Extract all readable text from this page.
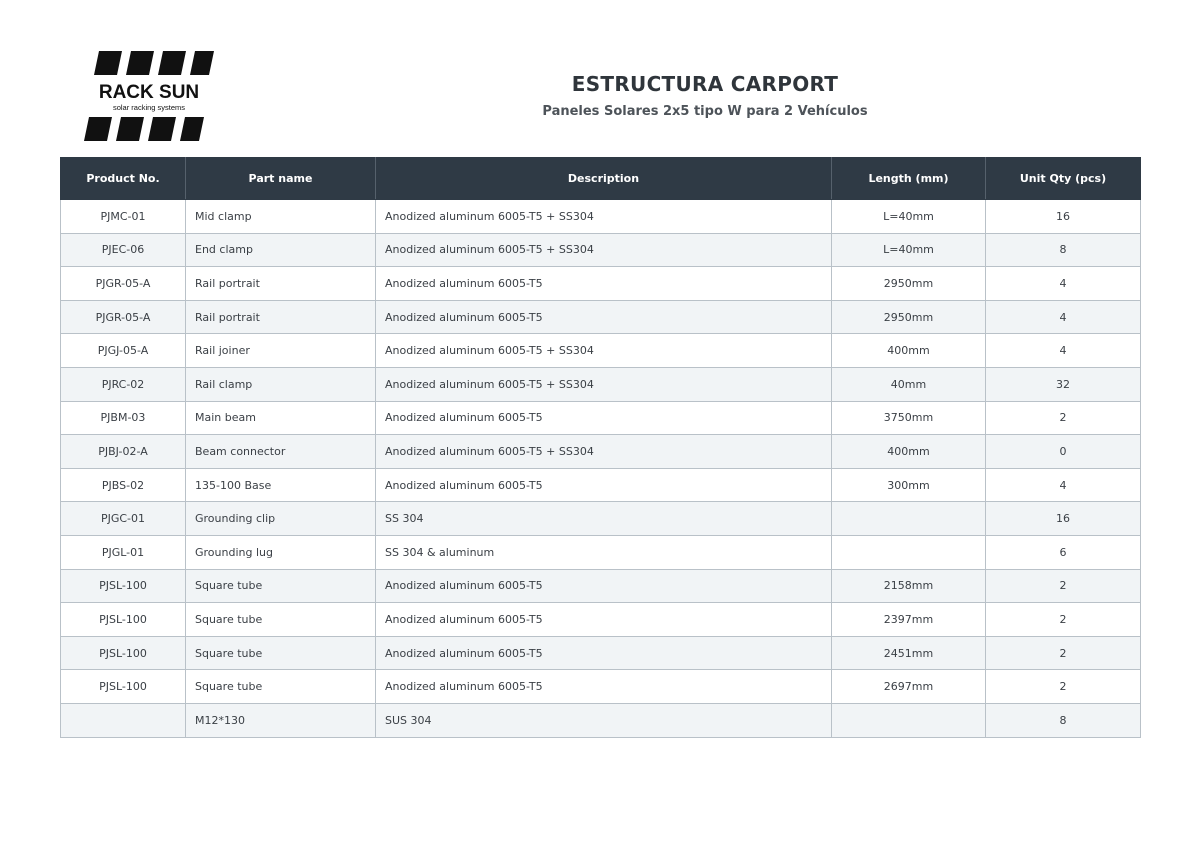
RACK SUN
solar racking systems
ESTRUCTURA CARPORT
Paneles Solares 2x5 tipo W para 2 Vehículos
Product No.	Part name	Description	Length (mm)	Unit Qty (pcs)
PJMC-01	Mid clamp	Anodized aluminum 6005-T5 + SS304	L=40mm	16
PJEC-06	End clamp	Anodized aluminum 6005-T5 + SS304	L=40mm	8
PJGR-05-A	Rail portrait	Anodized aluminum 6005-T5	2950mm	4
PJGR-05-A	Rail portrait	Anodized aluminum 6005-T5	2950mm	4
PJGJ-05-A	Rail joiner	Anodized aluminum 6005-T5 + SS304	400mm	4
PJRC-02	Rail clamp	Anodized aluminum 6005-T5 + SS304	40mm	32
PJBM-03	Main beam	Anodized aluminum 6005-T5	3750mm	2
PJBJ-02-A	Beam connector	Anodized aluminum 6005-T5 + SS304	400mm	0
PJBS-02	135-100 Base	Anodized aluminum 6005-T5	300mm	4
PJGC-01	Grounding clip	SS 304		16
PJGL-01	Grounding lug	SS 304 & aluminum		6
PJSL-100	Square tube	Anodized aluminum 6005-T5	2158mm	2
PJSL-100	Square tube	Anodized aluminum 6005-T5	2397mm	2
PJSL-100	Square tube	Anodized aluminum 6005-T5	2451mm	2
PJSL-100	Square tube	Anodized aluminum 6005-T5	2697mm	2
	M12*130	SUS 304		8
